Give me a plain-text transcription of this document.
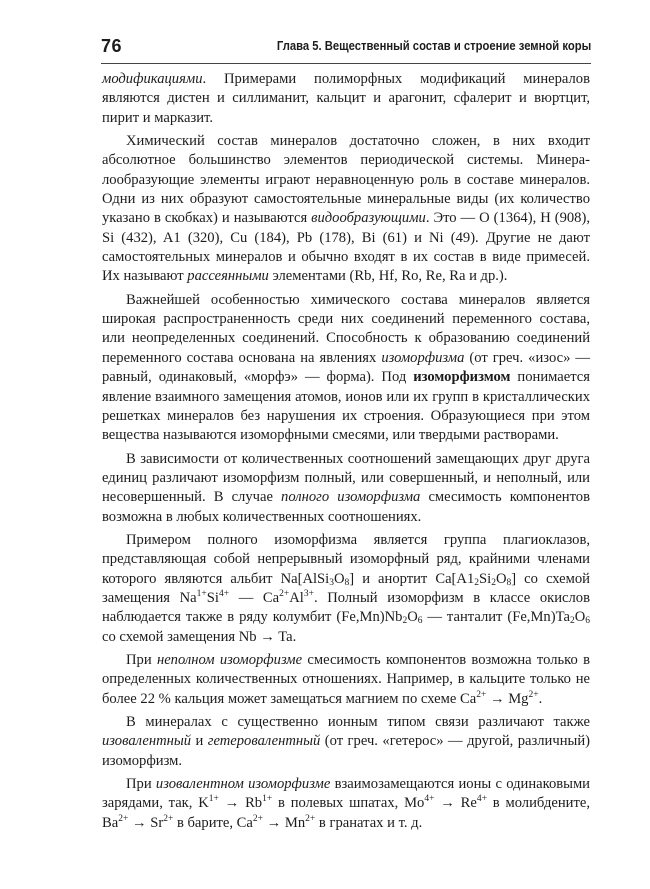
76	Глава 5. Вещественный состав и строение земной коры

модификациями. Примерами полиморфных модификаций минералов являются дистен и силлиманит, кальцит и арагонит, сфалерит и вюртцит, пирит и марказит.

Химический состав минералов достаточно сложен, в них входит абсолютное большинство элементов периодической системы. Минералообразующие элементы играют неравноценную роль в составе минералов. Одни из них образуют самостоятельные минеральные виды (их количество указано в скобках) и называются видообразующими. Это — O (1364), H (908), Si (432), A1 (320), Cu (184), Pb (178), Bi (61) и Ni (49). Другие не дают самостоятельных минералов и обычно входят в их состав в виде примесей. Их называют рассеянными элементами (Rb, Hf, Ro, Re, Ra и др.).

Важнейшей особенностью химического состава минералов является широкая распространенность среди них соединений переменного состава, или неопределенных соединений. Способность к образованию соединений переменного состава основана на явлениях изоморфизма (от греч. «изос» — равный, одинаковый, «морфэ» — форма). Под изоморфизмом понимается явление взаимного замещения атомов, ионов или их групп в кристаллических решетках минералов без нарушения их строения. Образующиеся при этом вещества называются изоморфными смесями, или твердыми растворами.

В зависимости от количественных соотношений замещающих друг друга единиц различают изоморфизм полный, или совершенный, и неполный, или несовершенный. В случае полного изоморфизма смесимость компонентов возможна в любых количественных соотношениях.

Примером полного изоморфизма является группа плагиоклазов, представляющая собой непрерывный изоморфный ряд, крайними членами которого являются альбит $Na[AlSi_3O_8]$ и анортит $Ca[A1_2Si_2O_8]$ со схемой замещения $Na^{1+}Si^{4+}$ — $Ca^{2+}Al^{3+}$. Полный изоморфизм в классе окислов наблюдается также в ряду колумбит $(Fe,Mn)Nb_2O_6$ — танталит $(Fe,Mn)Ta_2O_6$ со схемой замещения Nb → Ta.

При неполном изоморфизме смесимость компонентов возможна только в определенных количественных отношениях. Например, в кальците только не более 22 % кальция может замещаться магнием по схеме $Ca^{2+} \to Mg^{2+}$.

В минералах с существенно ионным типом связи различают также изовалентный и гетеровалентный (от греч. «гетерос» — другой, различный) изоморфизм.

При изовалентном изоморфизме взаимозамещаются ионы с одинаковыми зарядами, так, $K^{1+} \to Rb^{1+}$ в полевых шпатах, $Mo^{4+} \to Re^{4+}$ в молибдените, $Ba^{2+} \to Sr^{2+}$ в барите, $Ca^{2+} \to Mn^{2+}$ в гранатах и т. д.
